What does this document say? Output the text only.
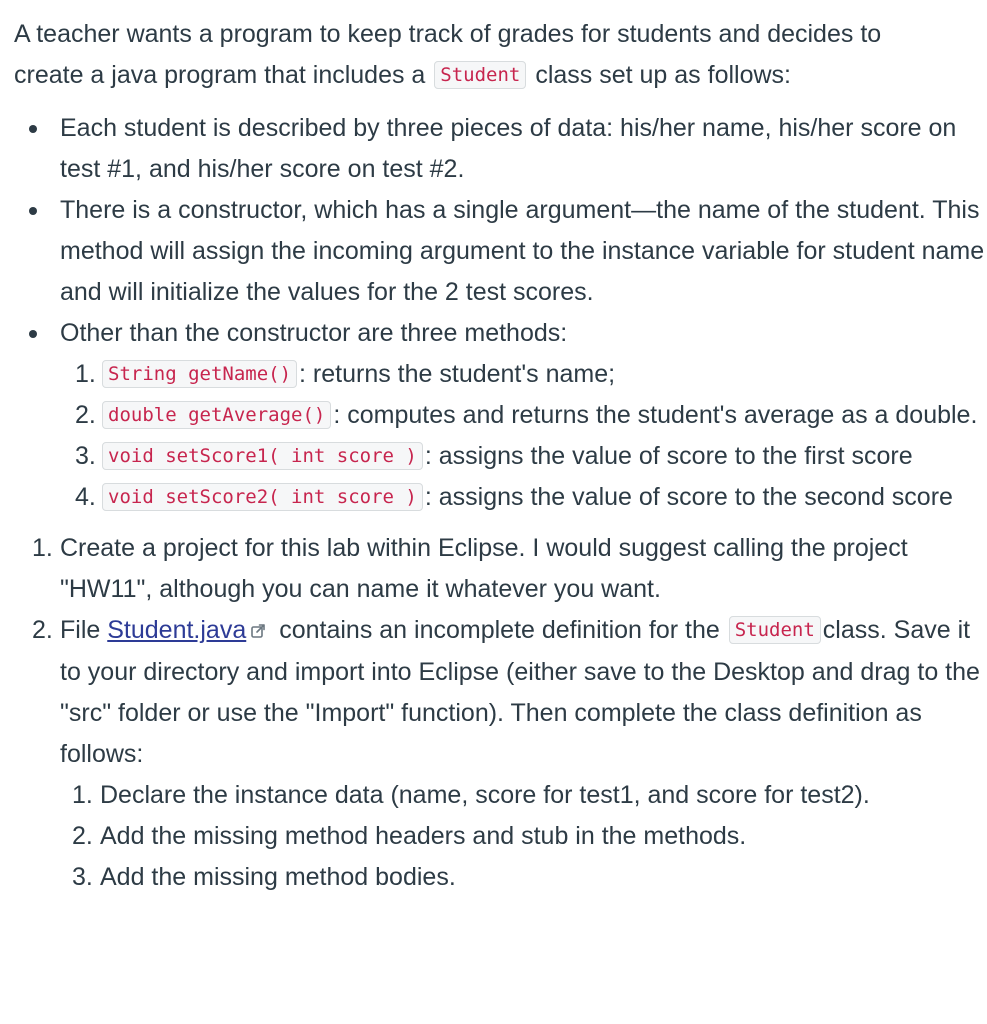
A teacher wants a program to keep track of grades for students and decides to
create a java program that includes a Student class set up as follows:

Each student is described by three pieces of data: his/her name, his/her score on test #1, and his/her score on test #2.
There is a constructor, which has a single argument—the name of the student. This method will assign the incoming argument to the instance variable for student name and will initialize the values for the 2 test scores.
Other than the constructor are three methods:
1. String getName() : returns the student's name;
2. double getAverage() : computes and returns the student's average as a double.
3. void setScore1( int score ) : assigns the value of score to the first score
4. void setScore2( int score ) : assigns the value of score to the second score
1. Create a project for this lab within Eclipse. I would suggest calling the project "HW11", although you can name it whatever you want.
2. File Student.java contains an incomplete definition for the Student class. Save it to your directory and import into Eclipse (either save to the Desktop and drag to the "src" folder or use the "Import" function). Then complete the class definition as follows:
1. Declare the instance data (name, score for test1, and score for test2).
2. Add the missing method headers and stub in the methods.
3. Add the missing method bodies.
